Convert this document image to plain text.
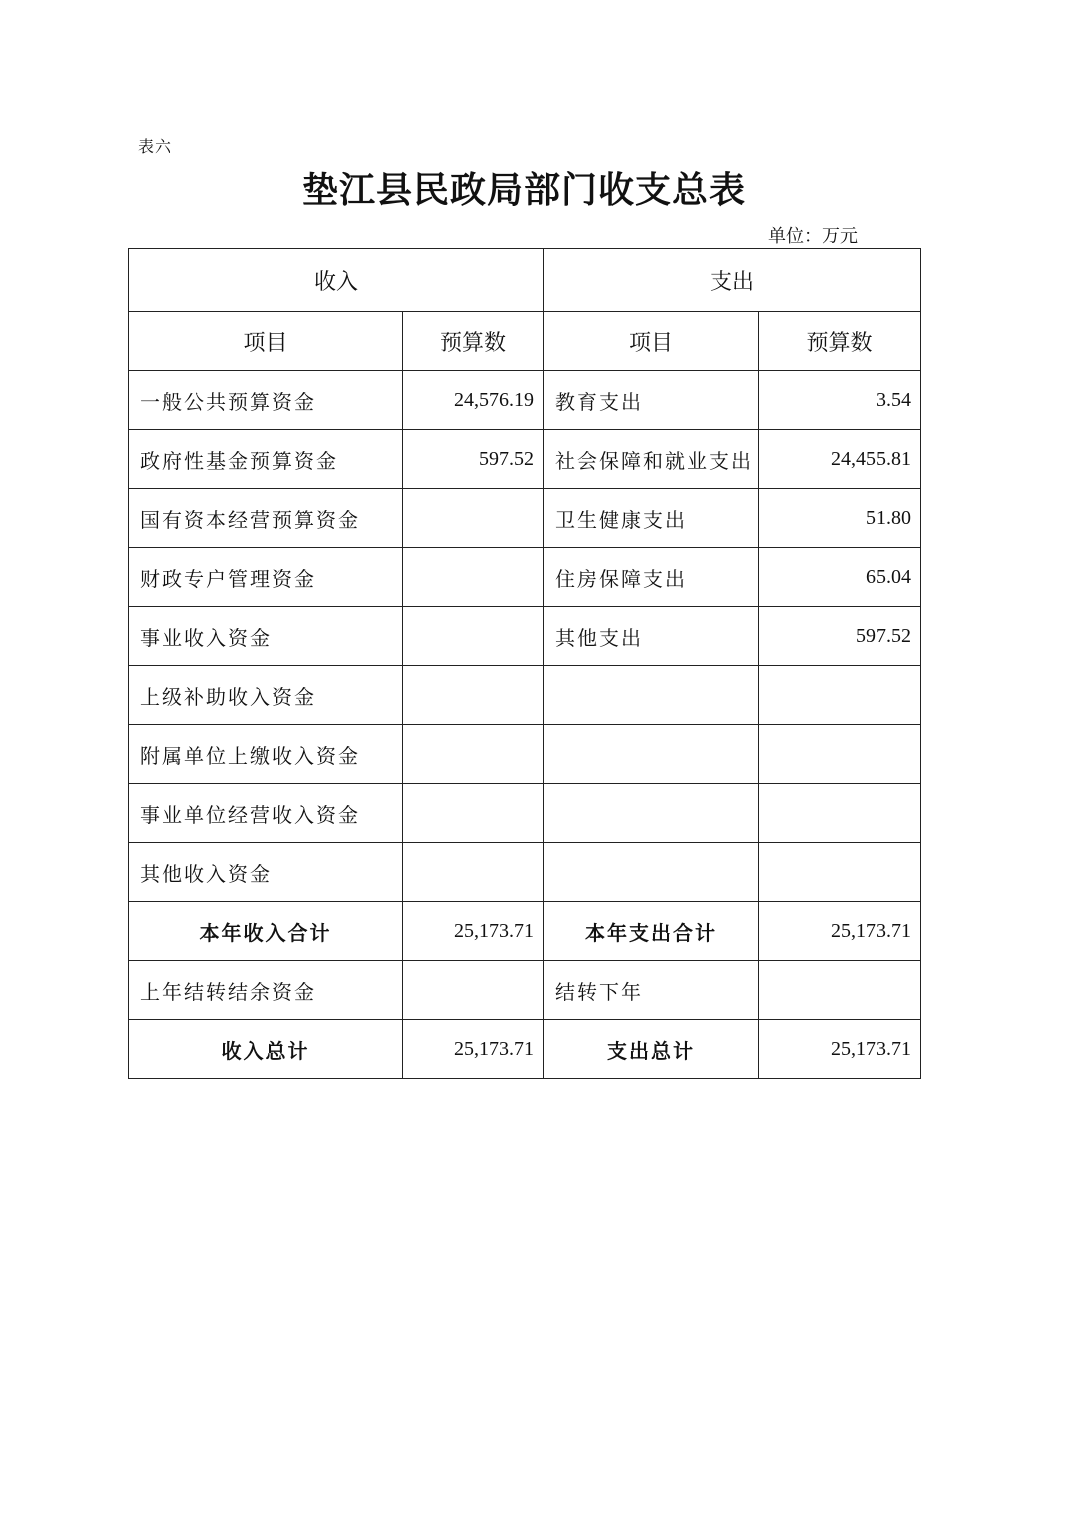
表六
垫江县民政局部门收支总表
单位：万元
收入		支出	
项目	预算数	项目	预算数
一般公共预算资金	24,576.19	教育支出	3.54
政府性基金预算资金	597.52	社会保障和就业支出	24,455.81
国有资本经营预算资金		卫生健康支出	51.80
财政专户管理资金		住房保障支出	65.04
事业收入资金		其他支出	597.52
上级补助收入资金			
附属单位上缴收入资金			
事业单位经营收入资金			
其他收入资金			
本年收入合计	25,173.71	本年支出合计	25,173.71
上年结转结余资金		结转下年	
收入总计	25,173.71	支出总计	25,173.71
